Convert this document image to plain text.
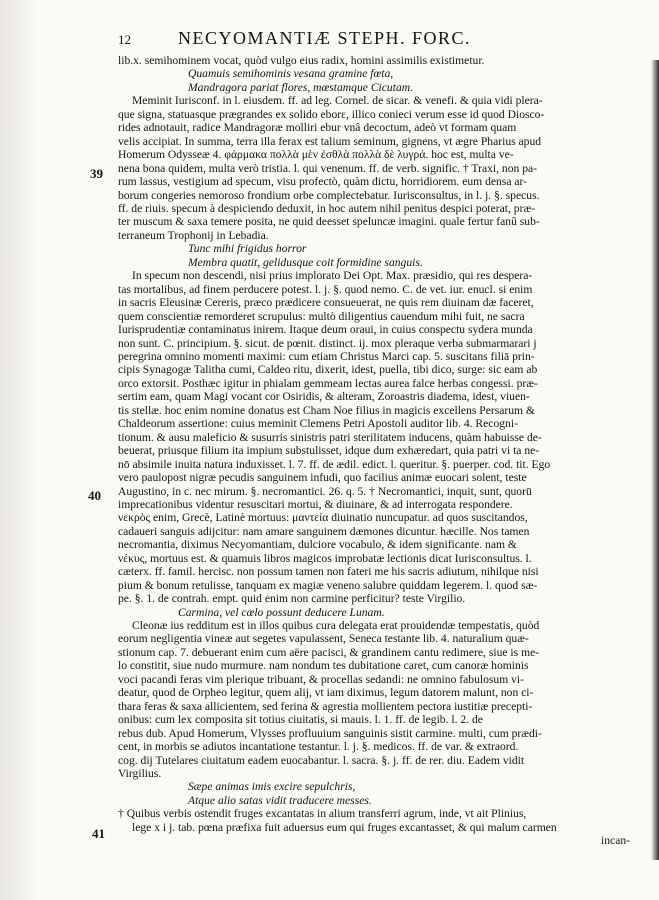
12	NECYOMANTIÆ STEPH. FORC.
39
40
41
lib.x. semihominem vocat, quòd vulgo eius radix, homini assimilis existimetur.
Quamuis semihominis vesana gramine fœta,
Mandragora pariat flores, mœstamque Cicutam.
Meminit Iurisconf. in l. eiusdem. ff. ad leg. Cornel. de sicar. & venefi. & quia vidi plera-
que signa, statuasque prægrandes ex solido eborε, illico conieci verum esse id quod Diosco-
rides adnotauit, radice Mandragoræ molliri ebur vnâ decoctum, adeò vt formam quam
velis accipiat. In summa, terra illa ferax est talium seminum, gignens, vt ægre Pharius apud
Homerum Odysseæ 4. φάρμακα πολλὰ μὲν ἐσθλὰ πολλὰ δὲ λυγρά. hoc est, multa ve-
nena bona quidem, multa verò tristia. l. qui venenum. ff. de verb. signific. † Traxi, non pa-
rum lassus, vestigium ad specum, visu profectò, quàm dictu, horridiorem. eum densa ar-
borum congeries nemoroso frondium orbe complectebatur. Iurisconsultus, in l. j. §. specus.
ff. de riuis. specum à despiciendo deduxit, in hoc autem nihil penitus despici poterat, præ-
ter muscum & saxa temere posita, ne quid deesset speluncæ imagini. quale fertur fanû sub-
terraneum Trophonij in Lebadia.
Tunc mihi frigidus horror
Membra quatit, gelidusque coit formidine sanguis.
In specum non descendi, nisi prius implorato Dei Opt. Max. præsidio, qui res despera-
tas mortalibus, ad finem perducere potest. l. j. §. quod nemo. C. de vet. iur. enucl. si enim
in sacris Eleusinæ Cereris, præco prædicere consueuerat, ne quis rem diuinam dæ faceret,
quem conscientiæ remorderet scrupulus: multò diligentius cauendum mihi fuit, ne sacra
Iurisprudentiæ contaminatus inirem. Itaque deum oraui, in cuius conspectu sydera munda
non sunt. C. principium. §. sicut. de pœnit. distinct. ij. mox pleraque verba submarmarari j
peregrina omnino momenti maximi: cum etiam Christus Marci cap. 5. suscitans filiā prin-
cipis Synagogæ Talitha cumi, Caldeo ritu, dixerit, idest, puella, tibi dico, surge: sic eam ab
orco extorsit. Posthæc igitur in phialam gemmeam lectas aurea falce herbas congessi. præ-
sertim eam, quam Magi vocant cor Osiridis, & alteram, Zoroastris diadema, idest, viuen-
tis stellæ. hoc enim nomine donatus est Cham Noe filius in magicis excellens Persarum &
Chaldeorum assertione: cuius meminit Clemens Petri Apostoli auditor lib. 4. Recogni-
tionum. & ausu maleficio & susurris sinistris patri sterilitatem inducens, quàm habuisse de-
beuerat, priusque filium ita impium substulisset, idque dum exhæredart, quia patri vi ta ne-
nō absimile inuita natura induxisset. l. 7. ff. de ædil. edict. l. queritur. §. puerper. cod. tit. Ego
vero paulopost nigræ pecudis sanguinem infudi, quo facilius animæ euocari solent, teste
Augustino, in c. nec mirum. §. necromantici. 26. q. 5. † Necromantici, inquit, sunt, quorū
imprecationibus videntur resuscitari mortui, & diuinare, & ad interrogata respondere.
νεκρὸς enim, Grecè, Latinè mortuus: μαντεία diuinatio nuncupatur. ad quos suscitandos,
cadaueri sanguis adijcitur: nam amare sanguinem dæmones dicuntur. hæcille. Nos tamen
necromantia, diximus Necyomantiam, dulciore vocabulo, & idem significante. nam &
νέκυς, mortuus est. & quamuis libros magicos improbatæ lectionis dicat Iurisconsultus. l.
cæterx. ff. famil. hercisc. non possum tamen non fateri me his sacris adiutum, nihilque nisi
pium & bonum retulisse, tanquam ex magiæ veneno salubre quiddam legerem. l. quod sæ-
pe. §. 1. de contrah. empt. quid enim non carmine perficitur? teste Virgilio.
Carmina, vel cœlo possunt deducere Lunam.
Cleonæ ius redditum est in illos quibus cura delegata erat prouidendæ tempestatis, quòd
eorum negligentia vineæ aut segetes vapulassent, Seneca testante lib. 4. naturalium quæ-
stionum cap. 7. debuerant enim cum aëre pacisci, & grandinem cantu redimere, siue is me-
lo constitit, siue nudo murmure. nam nondum tes dubitatione caret, cum canoræ hominis
voci pacandi feras vim plerique tribuant, & procellas sedandi: ne omnino fabulosum vi-
deatur, quod de Orpheo legitur, quem alij, vt iam diximus, legum datorem malunt, non ci-
thara feras & saxa allicientem, sed ferina & agrestia mollientem pectora iustitiæ precepti-
onibus: cum lex composita sit totius ciuitatis, si mauis. l. 1. ff. de legib. l. 2. de
rebus dub. Apud Homerum, Vlysses profluuium sanguinis sistit carmine. multi, cum prædi-
cent, in morbis se adiutos incantatione testantur. l. j. §. medicos. ff. de var. & extraord.
cog. dij Tutelares ciuitatum eadem euocabantur. l. sacra. §. j. ff. de rer. diu. Eadem vidit
Virgilius.
Sæpe animas imis excire sepulchris,
Atque alio satas vidit traducere messes.
† Quibus verbis ostendit fruges excantatas in alium transferri agrum, inde, vt ait Plinius,
lege x i j. tab. pœna præfixa fuit aduersus eum qui fruges excantasset, & qui malum carmen
incan-
